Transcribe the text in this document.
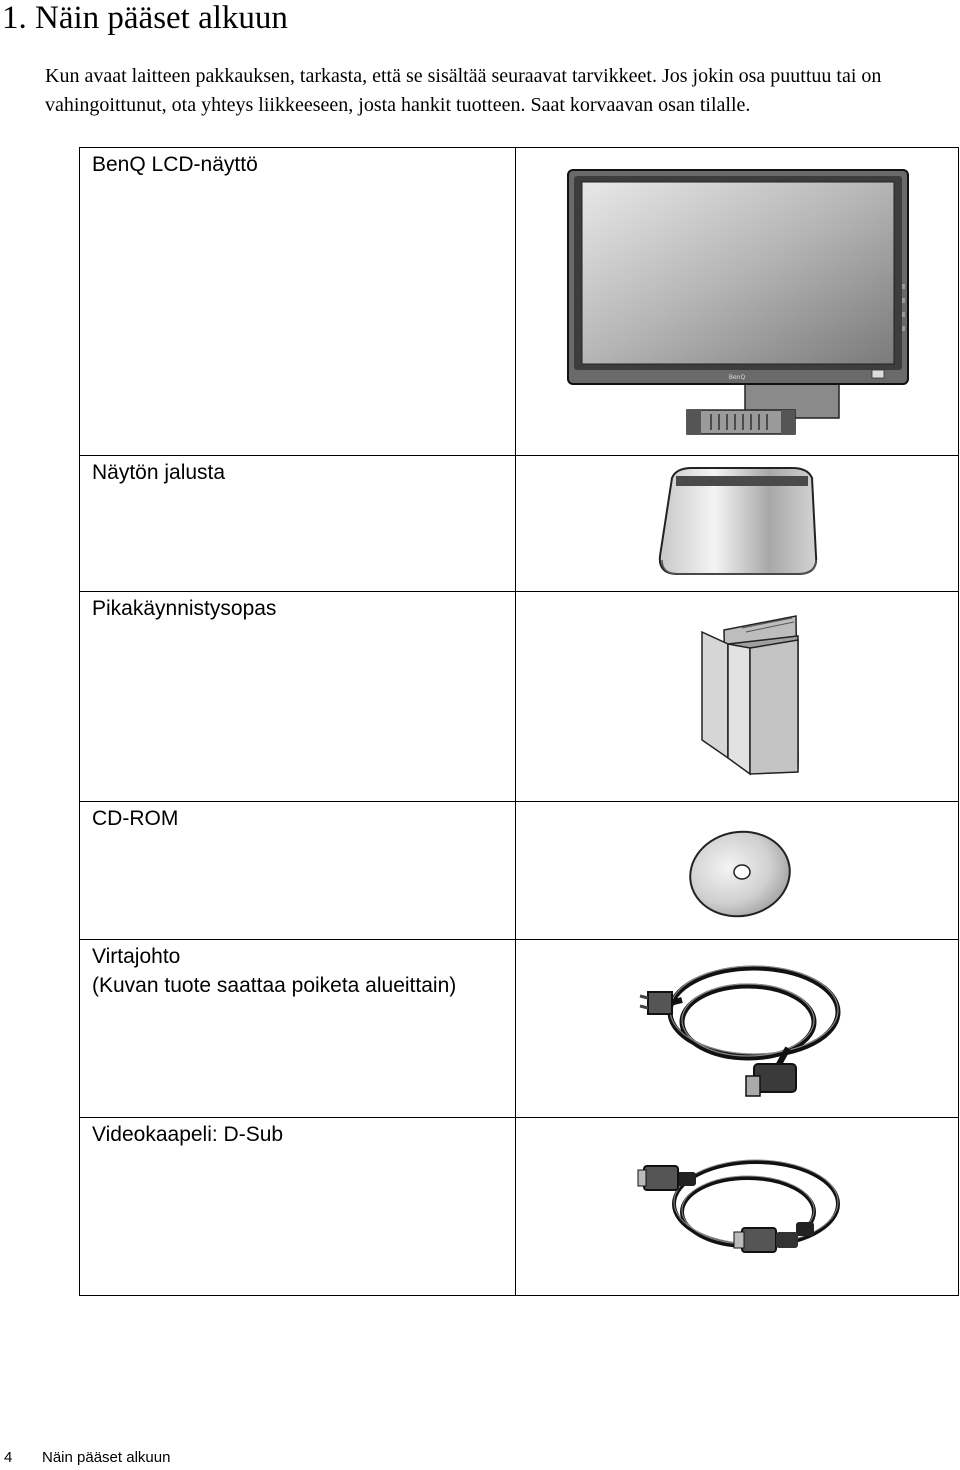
1. Näin pääset alkuun

Kun avaat laitteen pakkauksen, tarkasta, että se sisältää seuraavat tarvikkeet. Jos jokin osa puuttuu tai on vahingoittunut, ota yhteys liikkeeseen, josta hankit tuotteen. Saat korvaavan osan tilalle.

BenQ LCD-näyttö	BenQ

Näytön jalusta

Pikakäynnistysopas

CD-ROM

Virtajohto
(Kuvan tuote saattaa poiketa alueittain)

Videokaapeli: D-Sub

4 Näin pääset alkuun
